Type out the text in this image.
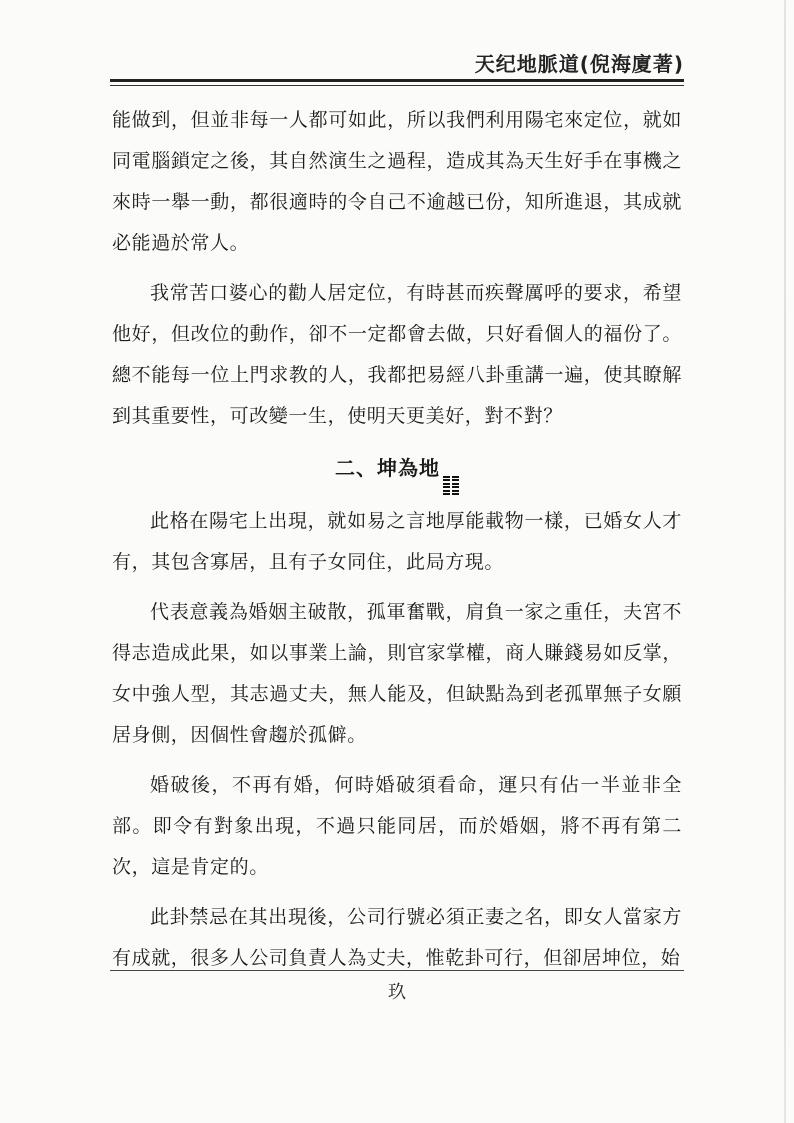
天纪地脈道(倪海廈著)

能做到，但並非每一人都可如此，所以我們利用陽宅來定位，就如同電腦鎖定之後，其自然演生之過程，造成其為天生好手在事機之來時一舉一動，都很適時的令自己不逾越已份，知所進退，其成就必能過於常人。

我常苦口婆心的勸人居定位，有時甚而疾聲厲呼的要求，希望他好，但改位的動作，卻不一定都會去做，只好看個人的福份了。總不能每一位上門求教的人，我都把易經八卦重講一遍，使其瞭解到其重要性，可改變一生，使明天更美好，對不對？

二、坤為地

此格在陽宅上出現，就如易之言地厚能載物一樣，已婚女人才有，其包含寡居，且有子女同住，此局方現。

代表意義為婚姻主破散，孤軍奮戰，肩負一家之重任，夫宮不得志造成此果，如以事業上論，則官家掌權，商人賺錢易如反掌，女中強人型，其志過丈夫，無人能及，但缺點為到老孤單無子女願居身側，因個性會趨於孤僻。

婚破後，不再有婚，何時婚破須看命，運只有佔一半並非全部。即令有對象出現，不過只能同居，而於婚姻，將不再有第二次，這是肯定的。

此卦禁忌在其出現後，公司行號必須正妻之名，即女人當家方有成就，很多人公司負責人為丈夫，惟乾卦可行，但卻居坤位，始

玖
